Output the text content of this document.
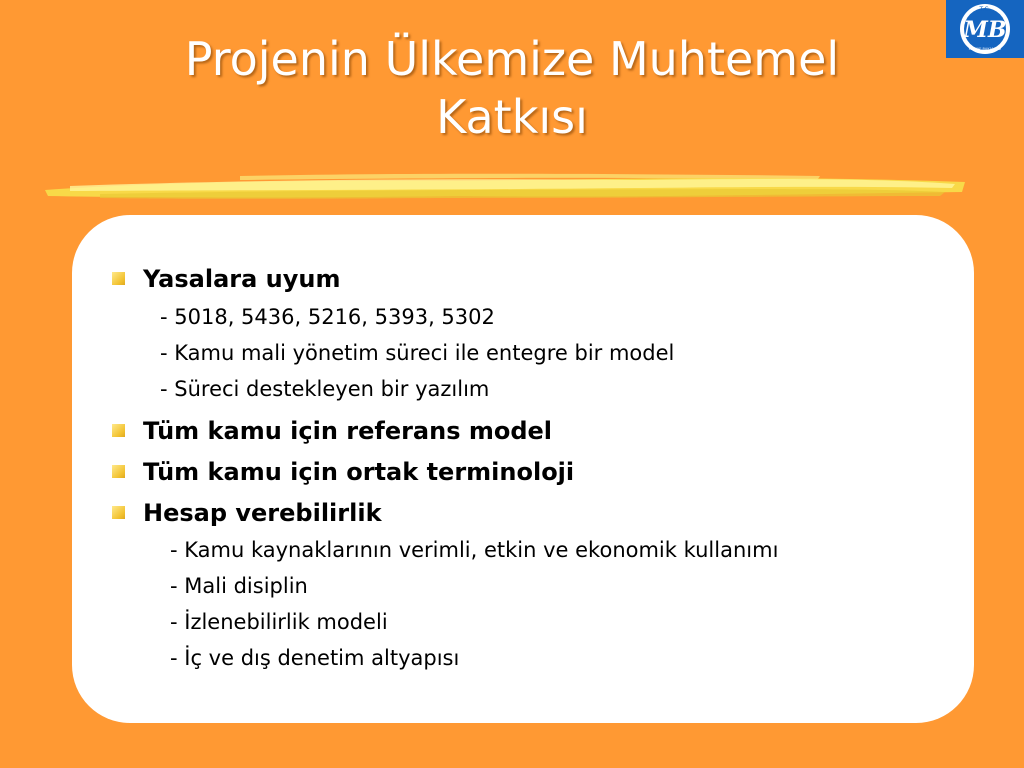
Projenin Ülkemize Muhtemel
Katkısı
T.C.
MB
MALIYE BAKANLIGI
Yasalara uyum
- 5018, 5436, 5216, 5393, 5302
- Kamu mali yönetim süreci ile entegre bir model
- Süreci destekleyen bir yazılım
Tüm kamu için referans model
Tüm kamu için ortak terminoloji
Hesap verebilirlik
- Kamu kaynaklarının verimli, etkin ve ekonomik kullanımı
- Mali disiplin
- İzlenebilirlik modeli
- İç ve dış denetim altyapısı
